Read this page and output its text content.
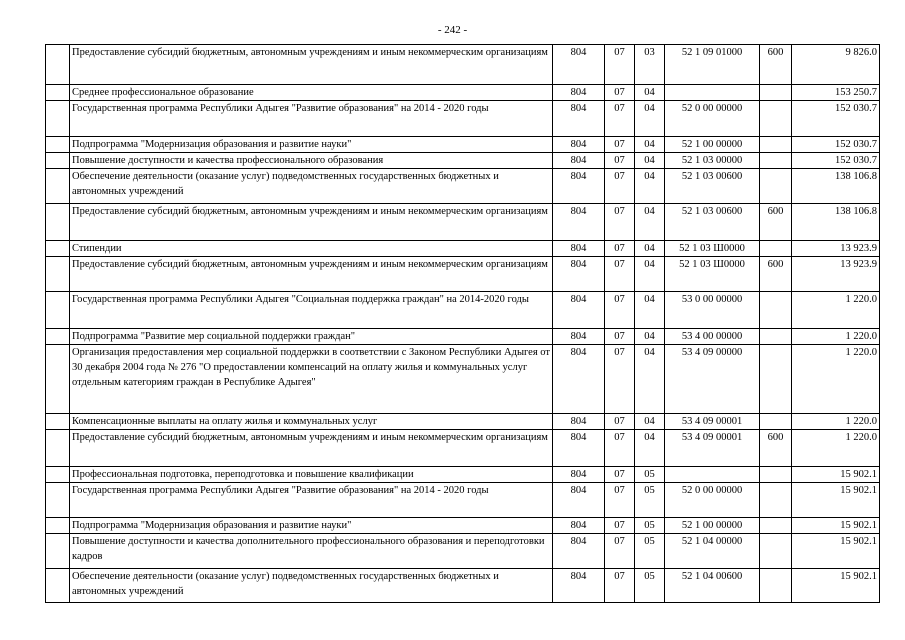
- 242 -
	Предоставление субсидий бюджетным, автономным учреждениям и иным некоммерческим организациям	804	07	03	52 1 09 01000	600	9 826.0
	Среднее профессиональное образование	804	07	04			153 250.7
	Государственная программа Республики Адыгея "Развитие образования" на 2014 - 2020 годы	804	07	04	52 0 00 00000		152 030.7
	Подпрограмма "Модернизация образования и развитие науки"	804	07	04	52 1 00 00000		152 030.7
	Повышение доступности и качества профессионального образования	804	07	04	52 1 03 00000		152 030.7
	Обеспечение деятельности (оказание услуг) подведомственных государственных бюджетных и автономных учреждений	804	07	04	52 1 03 00600		138 106.8
	Предоставление субсидий бюджетным, автономным учреждениям и иным некоммерческим организациям	804	07	04	52 1 03 00600	600	138 106.8
	Стипендии	804	07	04	52 1 03 Ш0000		13 923.9
	Предоставление субсидий бюджетным, автономным учреждениям и иным некоммерческим организациям	804	07	04	52 1 03 Ш0000	600	13 923.9
	Государственная программа Республики Адыгея "Социальная поддержка граждан" на 2014-2020 годы	804	07	04	53 0 00 00000		1 220.0
	Подпрограмма "Развитие мер социальной поддержки граждан"	804	07	04	53 4 00 00000		1 220.0
	Организация предоставления мер социальной поддержки в соответствии с Законом Республики Адыгея от 30 декабря 2004 года № 276 "О предоставлении компенсаций на оплату жилья и коммунальных услуг отдельным категориям граждан в Республике Адыгея"	804	07	04	53 4 09 00000		1 220.0
	Компенсационные выплаты на оплату жилья и коммунальных услуг	804	07	04	53 4 09 00001		1 220.0
	Предоставление субсидий бюджетным, автономным учреждениям и иным некоммерческим организациям	804	07	04	53 4 09 00001	600	1 220.0
	Профессиональная подготовка, переподготовка и повышение квалификации	804	07	05			15 902.1
	Государственная программа Республики Адыгея "Развитие образования" на 2014 - 2020 годы	804	07	05	52 0 00 00000		15 902.1
	Подпрограмма "Модернизация образования и развитие науки"	804	07	05	52 1 00 00000		15 902.1
	Повышение доступности и качества дополнительного профессионального образования и переподготовки кадров	804	07	05	52 1 04 00000		15 902.1
	Обеспечение деятельности (оказание услуг) подведомственных государственных бюджетных и автономных учреждений	804	07	05	52 1 04 00600		15 902.1
